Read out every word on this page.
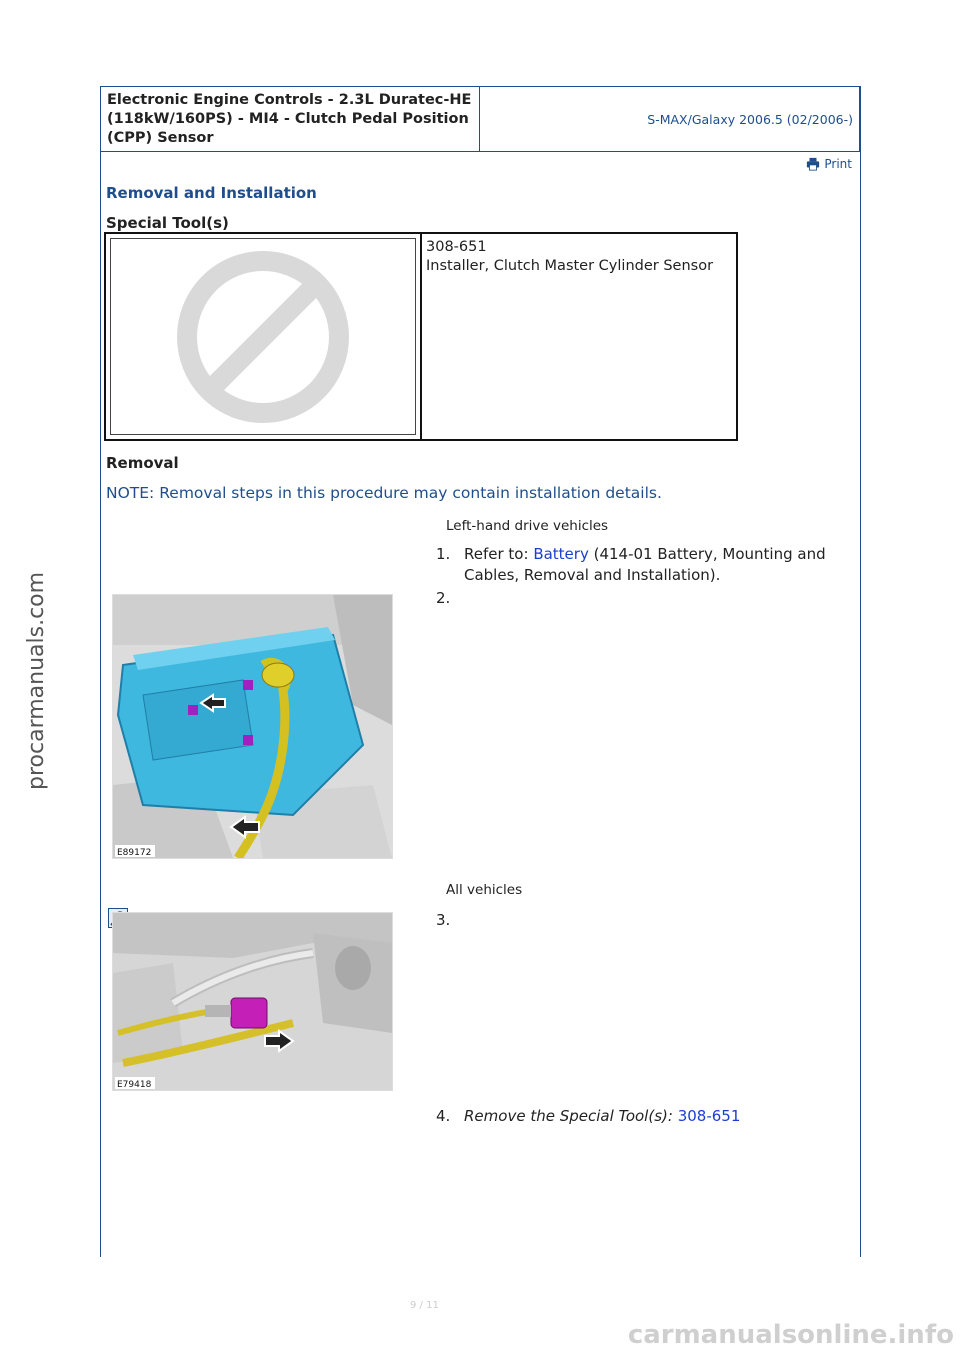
Electronic Engine Controls - 2.3L Duratec-HE (118kW/160PS) - MI4 - Clutch Pedal Position (CPP) Sensor
S-MAX/Galaxy 2006.5 (02/2006-)
Print
Removal and Installation
Special Tool(s)
308-651
Installer, Clutch Master Cylinder Sensor
Removal
NOTE: Removal steps in this procedure may contain installation details.
Left-hand drive vehicles
1. Refer to: Battery (414-01 Battery, Mounting and Cables, Removal and Installation).
2.
E89172
All vehicles
3.
E79418
4. Remove the Special Tool(s): 308-651
procarmanuals.com
9 / 11
carmanualsonline.info
